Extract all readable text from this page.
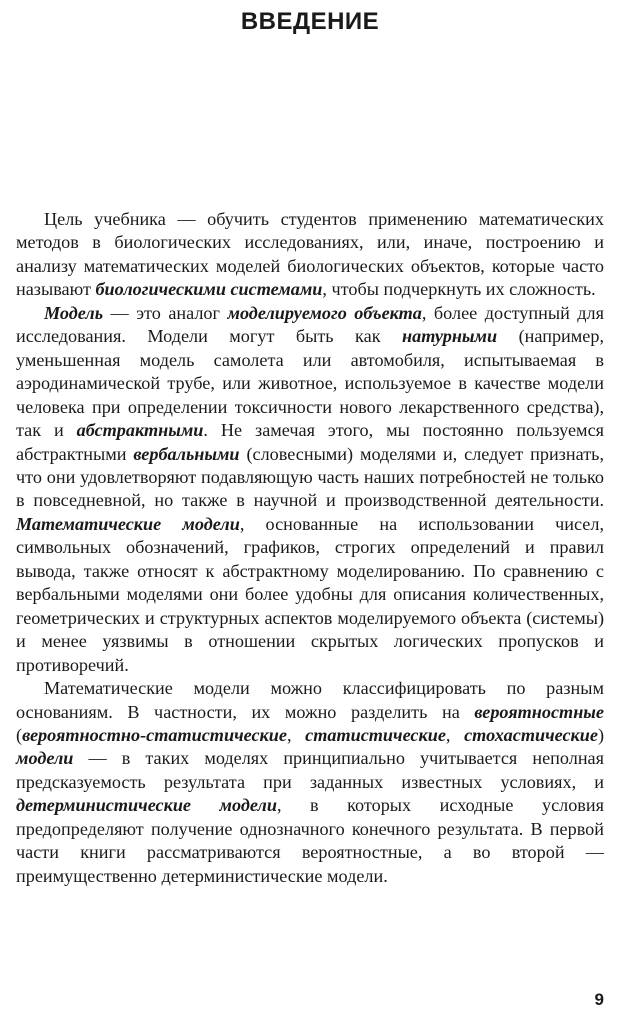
ВВЕДЕНИЕ

Цель учебника — обучить студентов применению математических методов в биологических исследованиях, или, иначе, построению и анализу математических моделей биологических объектов, которые часто называют биологическими системами, чтобы подчеркнуть их сложность.

Модель — это аналог моделируемого объекта, более доступный для исследования. Модели могут быть как натурными (например, уменьшенная модель самолета или автомобиля, испытываемая в аэродинамической трубе, или животное, используемое в качестве модели человека при определении токсичности нового лекарственного средства), так и абстрактными. Не замечая этого, мы постоянно пользуемся абстрактными вербальными (словесными) моделями и, следует признать, что они удовлетворяют подавляющую часть наших потребностей не только в повседневной, но также в научной и производственной деятельности. Математические модели, основанные на использовании чисел, символьных обозначений, графиков, строгих определений и правил вывода, также относят к абстрактному моделированию. По сравнению с вербальными моделями они более удобны для описания количественных, геометрических и структурных аспектов моделируемого объекта (системы) и менее уязвимы в отношении скрытых логических пропусков и противоречий.

Математические модели можно классифицировать по разным основаниям. В частности, их можно разделить на вероятностные (вероятностно-статистические, статистические, стохастические) модели — в таких моделях принципиально учитывается неполная предсказуемость результата при заданных известных условиях, и детерминистические модели, в которых исходные условия предопределяют получение однозначного конечного результата. В первой части книги рассматриваются вероятностные, а во второй — преимущественно детерминистические модели.

9
